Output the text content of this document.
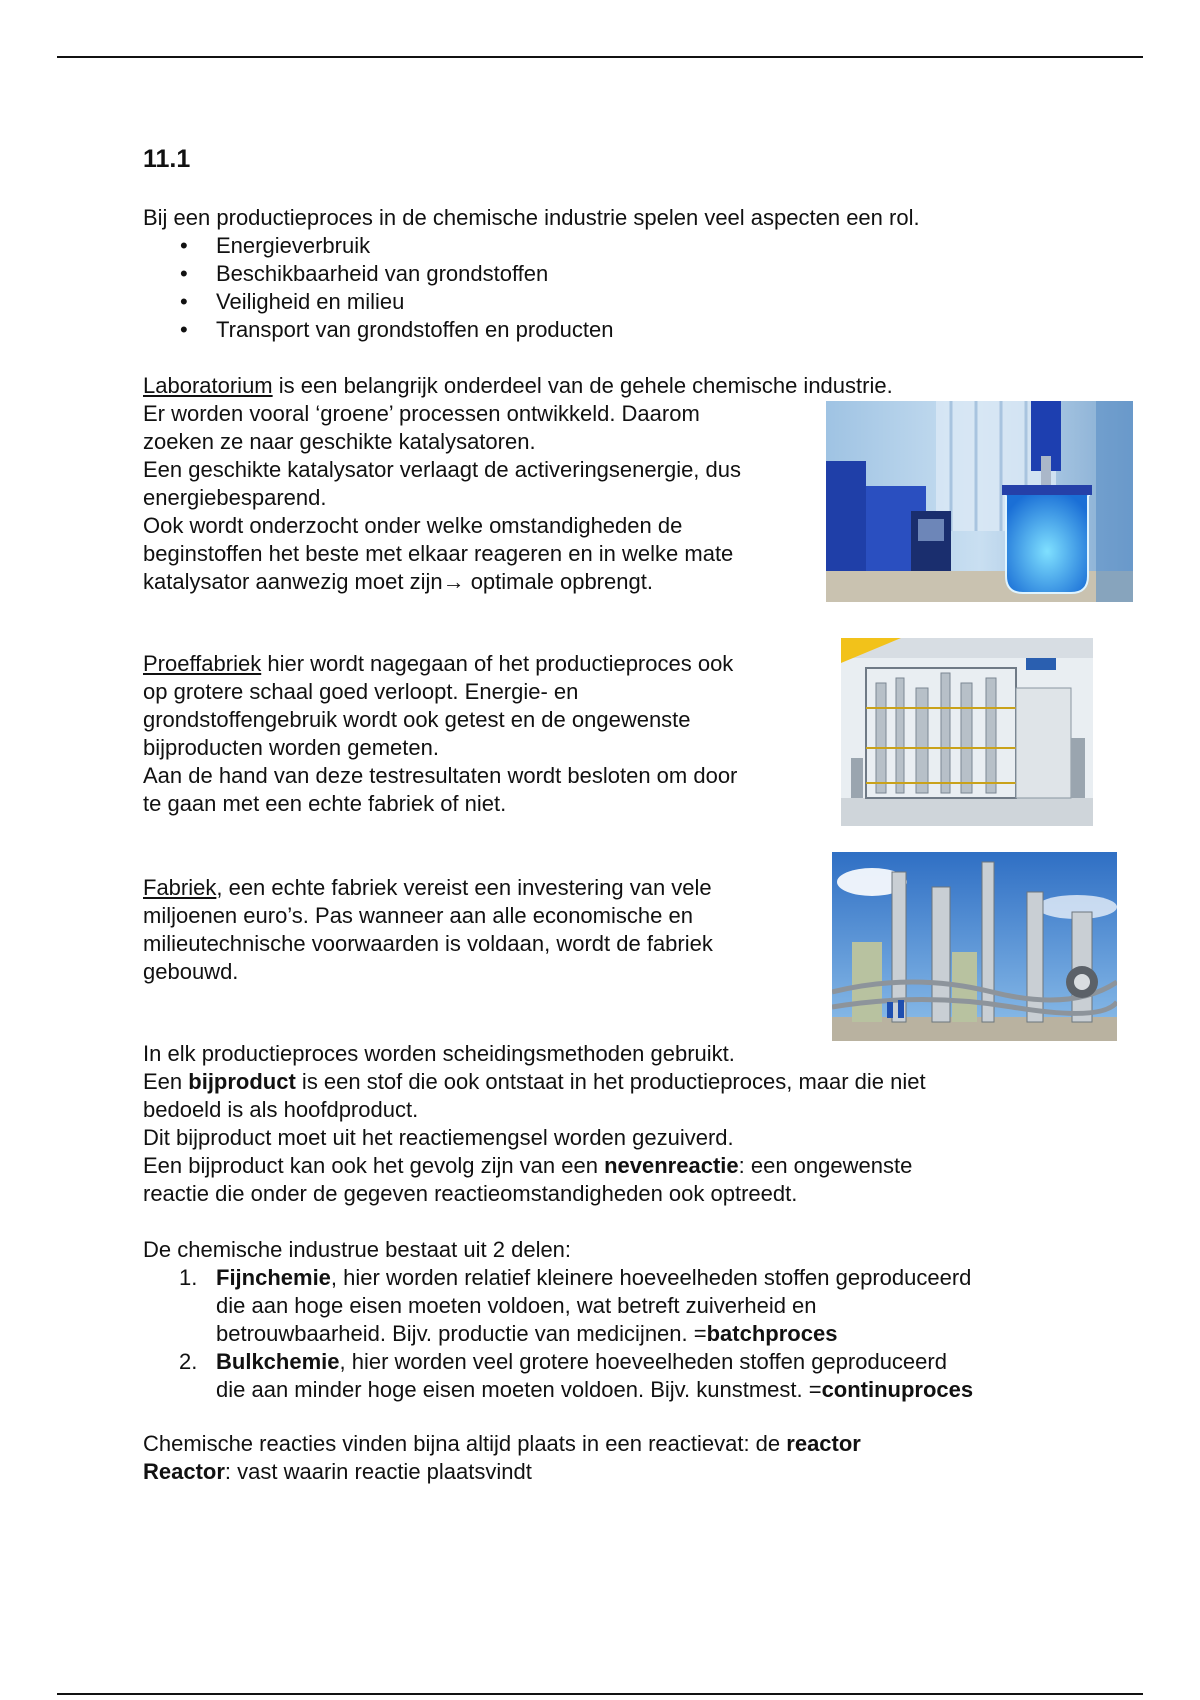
11.1

Bij een productieproces in de chemische industrie spelen veel aspecten een rol.

• Energieverbruik
• Beschikbaarheid van grondstoffen
• Veiligheid en milieu
• Transport van grondstoffen en producten

Laboratorium is een belangrijk onderdeel van de gehele chemische industrie.

Er worden vooral ‘groene’ processen ontwikkeld. Daarom

zoeken ze naar geschikte katalysatoren.

Een geschikte katalysator verlaagt de activeringsenergie, dus

energiebesparend.

Ook wordt onderzocht onder welke omstandigheden de

beginstoffen het beste met elkaar reageren en in welke mate

katalysator aanwezig moet zijn→ optimale opbrengt.

Proeffabriek hier wordt nagegaan of het productieproces ook

op grotere schaal goed verloopt. Energie- en

grondstoffengebruik wordt ook getest en de ongewenste

bijproducten worden gemeten.

Aan de hand van deze testresultaten wordt besloten om door

te gaan met een echte fabriek of niet.

Fabriek, een echte fabriek vereist een investering van vele

miljoenen euro’s. Pas wanneer aan alle economische en

milieutechnische voorwaarden is voldaan, wordt de fabriek

gebouwd.

In elk productieproces worden scheidingsmethoden gebruikt.

Een bijproduct is een stof die ook ontstaat in het productieproces, maar die niet

bedoeld is als hoofdproduct.

Dit bijproduct moet uit het reactiemengsel worden gezuiverd.

Een bijproduct kan ook het gevolg zijn van een nevenreactie: een ongewenste

reactie die onder de gegeven reactieomstandigheden ook optreedt.

De chemische industrue bestaat uit 2 delen:

1. Fijnchemie, hier worden relatief kleinere hoeveelheden stoffen geproduceerd

die aan hoge eisen moeten voldoen, wat betreft zuiverheid en

betrouwbaarheid. Bijv. productie van medicijnen. =batchproces

2. Bulkchemie, hier worden veel grotere hoeveelheden stoffen geproduceerd

die aan minder hoge eisen moeten voldoen. Bijv. kunstmest. =continuproces

Chemische reacties vinden bijna altijd plaats in een reactievat: de reactor

Reactor: vast waarin reactie plaatsvindt
